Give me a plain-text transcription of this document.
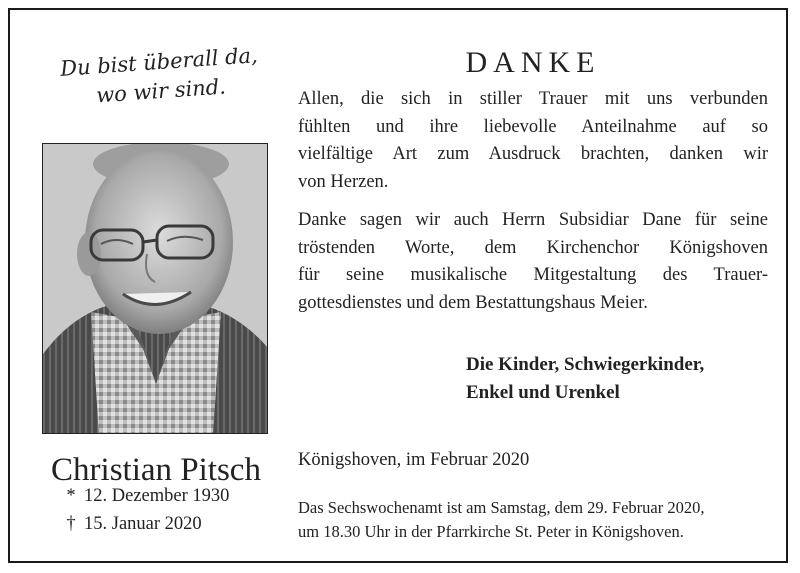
Du bist überall da,
wo wir sind.
Christian Pitsch
* 12. Dezember 1930
† 15. Januar 2020
DANKE

Allen, die sich in stiller Trauer mit uns verbunden
fühlten und ihre liebevolle Anteilnahme auf so
vielfältige Art zum Ausdruck brachten, danken wir
von Herzen.

Danke sagen wir auch Herrn Subsidiar Dane für seine
tröstenden Worte, dem Kirchenchor Königshoven
für seine musikalische Mitgestaltung des Trauer-
gottesdienstes und dem Bestattungshaus Meier.

Die Kinder, Schwiegerkinder,
Enkel und Urenkel
Königshoven, im Februar 2020
Das Sechswochenamt ist am Samstag, dem 29. Februar 2020,
um 18.30 Uhr in der Pfarrkirche St. Peter in Königshoven.
